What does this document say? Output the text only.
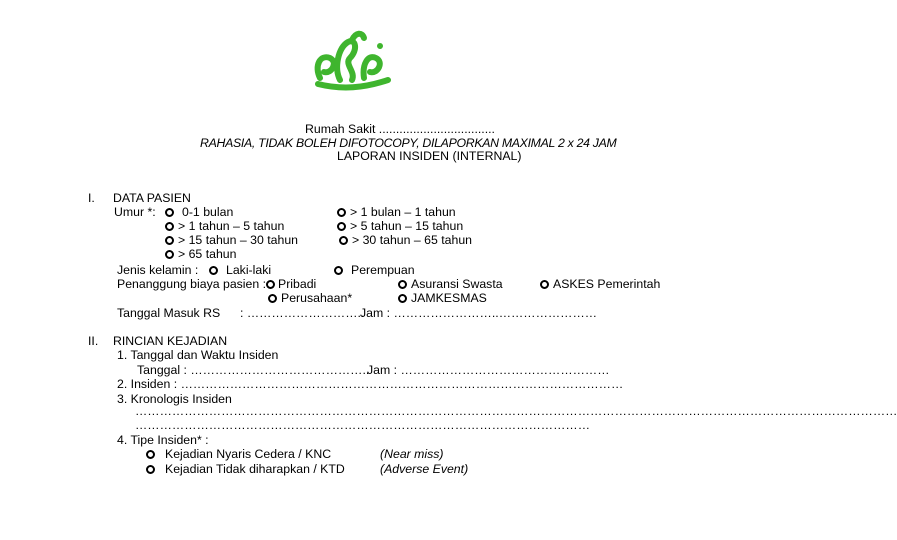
Rumah Sakit ..................................
RAHASIA, TIDAK BOLEH DIFOTOCOPY, DILAPORKAN MAXIMAL 2 x 24 JAM
LAPORAN INSIDEN (INTERNAL)
I. DATA PASIEN
Umur *: 0-1 bulan	> 1 bulan – 1 tahun
> 1 tahun – 5 tahun	> 5 tahun – 15 tahun
> 15 tahun – 30 tahun	> 30 tahun – 65 tahun
> 65 tahun
Jenis kelamin : Laki-laki	Perempuan
Penanggung biaya pasien : Pribadi	Asuransi Swasta	ASKES Pemerintah
Perusahaan*	JAMKESMAS
Tanggal Masuk RS : ………………………..
Jam : ……………………..……………………
II. RINCIAN KEJADIAN
1. Tanggal dan Waktu Insiden
Tanggal : ……………………………………..
Jam : ……………………………………………
2. Insiden : ………………………………………………………………………………………………
3. Kronologis Insiden
……………………………………………………………………………………………………………………………………………………………………
…………………………………………………………………………………………………
4. Tipe Insiden* :
Kejadian Nyaris Cedera / KNC	(Near miss)
Kejadian Tidak diharapkan / KTD	(Adverse Event)
